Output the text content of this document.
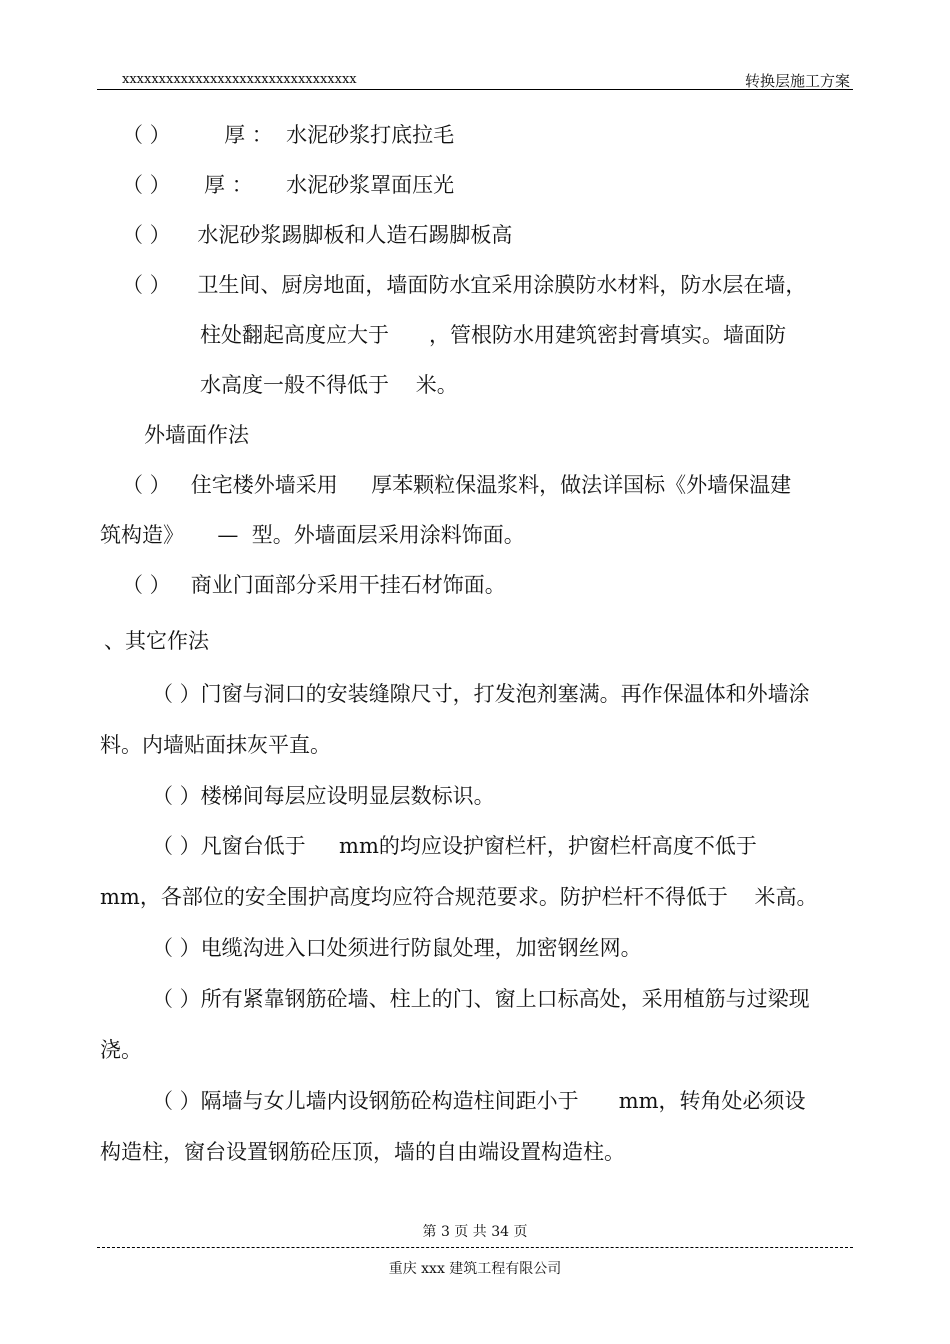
xxxxxxxxxxxxxxxxxxxxxxxxxxxxxxxx	转换层施工方案
（ ）        厚 ：  水泥砂浆打底拉毛
（ ）     厚 ：     水泥砂浆罩面压光
（ ）    水泥砂浆踢脚板和人造石踢脚板高
（ ）    卫生间、厨房地面，墙面防水宜采用涂膜防水材料，防水层在墙，
柱处翻起高度应大于      ，管根防水用建筑密封膏填实。墙面防
水高度一般不得低于    米。
外墙面作法
（ ）   住宅楼外墙采用     厚苯颗粒保温浆料，做法详国标《外墙保温建
筑构造》     —  型。外墙面层采用涂料饰面。
（ ）   商业门面部分采用干挂石材饰面。
、其它作法
（ ）门窗与洞口的安装缝隙尺寸，打发泡剂塞满。再作保温体和外墙涂
料。内墙贴面抹灰平直。
（ ）楼梯间每层应设明显层数标识。
（ ）凡窗台低于     mm的均应设护窗栏杆，护窗栏杆高度不低于
mm，各部位的安全围护高度均应符合规范要求。防护栏杆不得低于    米高。
（ ）电缆沟进入口处须进行防鼠处理，加密钢丝网。
（ ）所有紧靠钢筋砼墙、柱上的门、窗上口标高处，采用植筋与过梁现
浇。
（ ）隔墙与女儿墙内设钢筋砼构造柱间距小于      mm，转角处必须设
构造柱，窗台设置钢筋砼压顶，墙的自由端设置构造柱。
第 3 页 共 34 页
重庆 xxx 建筑工程有限公司
